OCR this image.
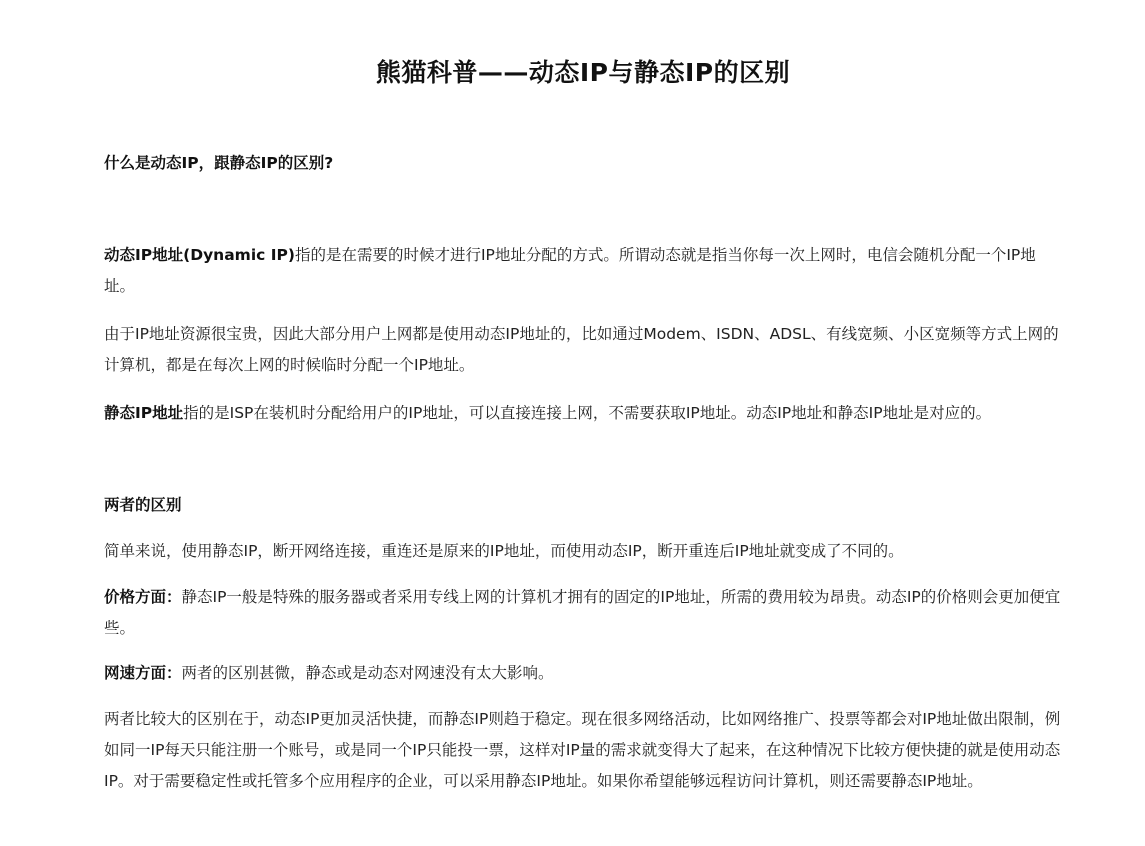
熊猫科普——动态IP与静态IP的区别

什么是动态IP，跟静态IP的区别?

动态IP地址(Dynamic IP)指的是在需要的时候才进行IP地址分配的方式。所谓动态就是指当你每一次上网时，电信会随机分配一个IP地址。

由于IP地址资源很宝贵，因此大部分用户上网都是使用动态IP地址的，比如通过Modem、ISDN、ADSL、有线宽频、小区宽频等方式上网的计算机，都是在每次上网的时候临时分配一个IP地址。

静态IP地址指的是ISP在装机时分配给用户的IP地址，可以直接连接上网，不需要获取IP地址。动态IP地址和静态IP地址是对应的。

两者的区别

简单来说，使用静态IP，断开网络连接，重连还是原来的IP地址，而使用动态IP，断开重连后IP地址就变成了不同的。

价格方面：静态IP一般是特殊的服务器或者采用专线上网的计算机才拥有的固定的IP地址，所需的费用较为昂贵。动态IP的价格则会更加便宜些。

网速方面：两者的区别甚微，静态或是动态对网速没有太大影响。

两者比较大的区别在于，动态IP更加灵活快捷，而静态IP则趋于稳定。现在很多网络活动，比如网络推广、投票等都会对IP地址做出限制，例如同一IP每天只能注册一个账号，或是同一个IP只能投一票，这样对IP量的需求就变得大了起来，在这种情况下比较方便快捷的就是使用动态IP。对于需要稳定性或托管多个应用程序的企业，可以采用静态IP地址。如果你希望能够远程访问计算机，则还需要静态IP地址。
